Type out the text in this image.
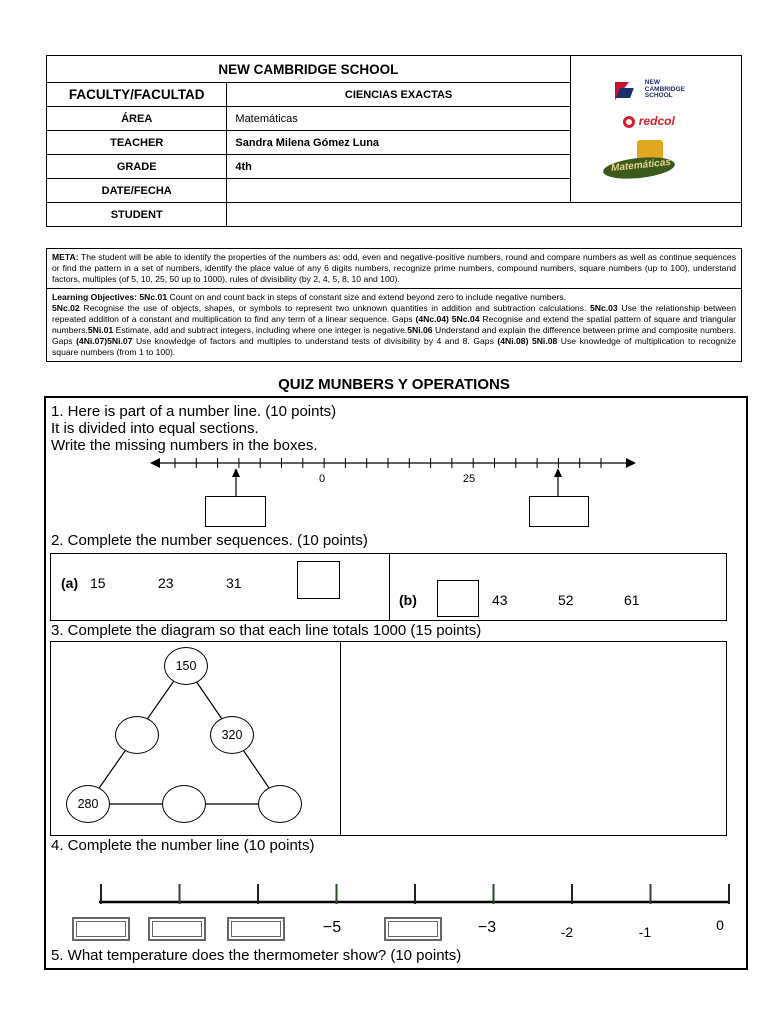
NEW CAMBRIDGE SCHOOL		NEW
CAMBRIDGE
SCHOOL
redcol
Matemáticas

FACULTY/FACULTAD	CIENCIAS EXACTAS	
ÁREA	Matemáticas	
TEACHER	Sandra Milena Gómez Luna	
GRADE	4th	
DATE/FECHA		
STUDENT		
META: The student will be able to identify the properties of the numbers as: odd, even and negative-positive numbers, round and compare numbers as well as continue sequences or find the pattern in a set of numbers, identify the place value of any 6 digits numbers, recognize prime numbers, compound numbers, square numbers (up to 100), understand factors, multiples (of 5, 10, 25, 50 up to 1000), rules of divisibility (by 2, 4, 5, 8, 10 and 100).
Learning Objectives: 5Nc.01 Count on and count back in steps of constant size and extend beyond zero to include negative numbers.
5Nc.02 Recognise the use of objects, shapes, or symbols to represent two unknown quantities in addition and subtraction calculations. 5Nc.03 Use the relationship between repeated addition of a constant and multiplication to find any term of a linear sequence. Gaps (4Nc.04) 5Nc.04 Recognise and extend the spatial pattern of square and triangular numbers.5Ni.01 Estimate, add and subtract integers, including where one integer is negative.5Ni.06 Understand and explain the difference between prime and composite numbers. Gaps (4Ni.07)5Ni.07 Use knowledge of factors and multiples to understand tests of divisibility by 4 and 8. Gaps (4Ni.08) 5Ni.08 Use knowledge of multiplication to recognize square numbers (from 1 to 100).
QUIZ MUNBERS Y OPERATIONS
1. Here is part of a number line. (10 points)
It is divided into equal sections.
Write the missing numbers in the boxes.
0	25
2. Complete the number sequences. (10 points)
(a) 15	23	31
(b)	43	52	61
3. Complete the diagram so that each line totals 1000 (15 points)
150
320
280
4. Complete the number line (10 points)
−5	−3	-2	-1	0
5. What temperature does the thermometer show? (10 points)
